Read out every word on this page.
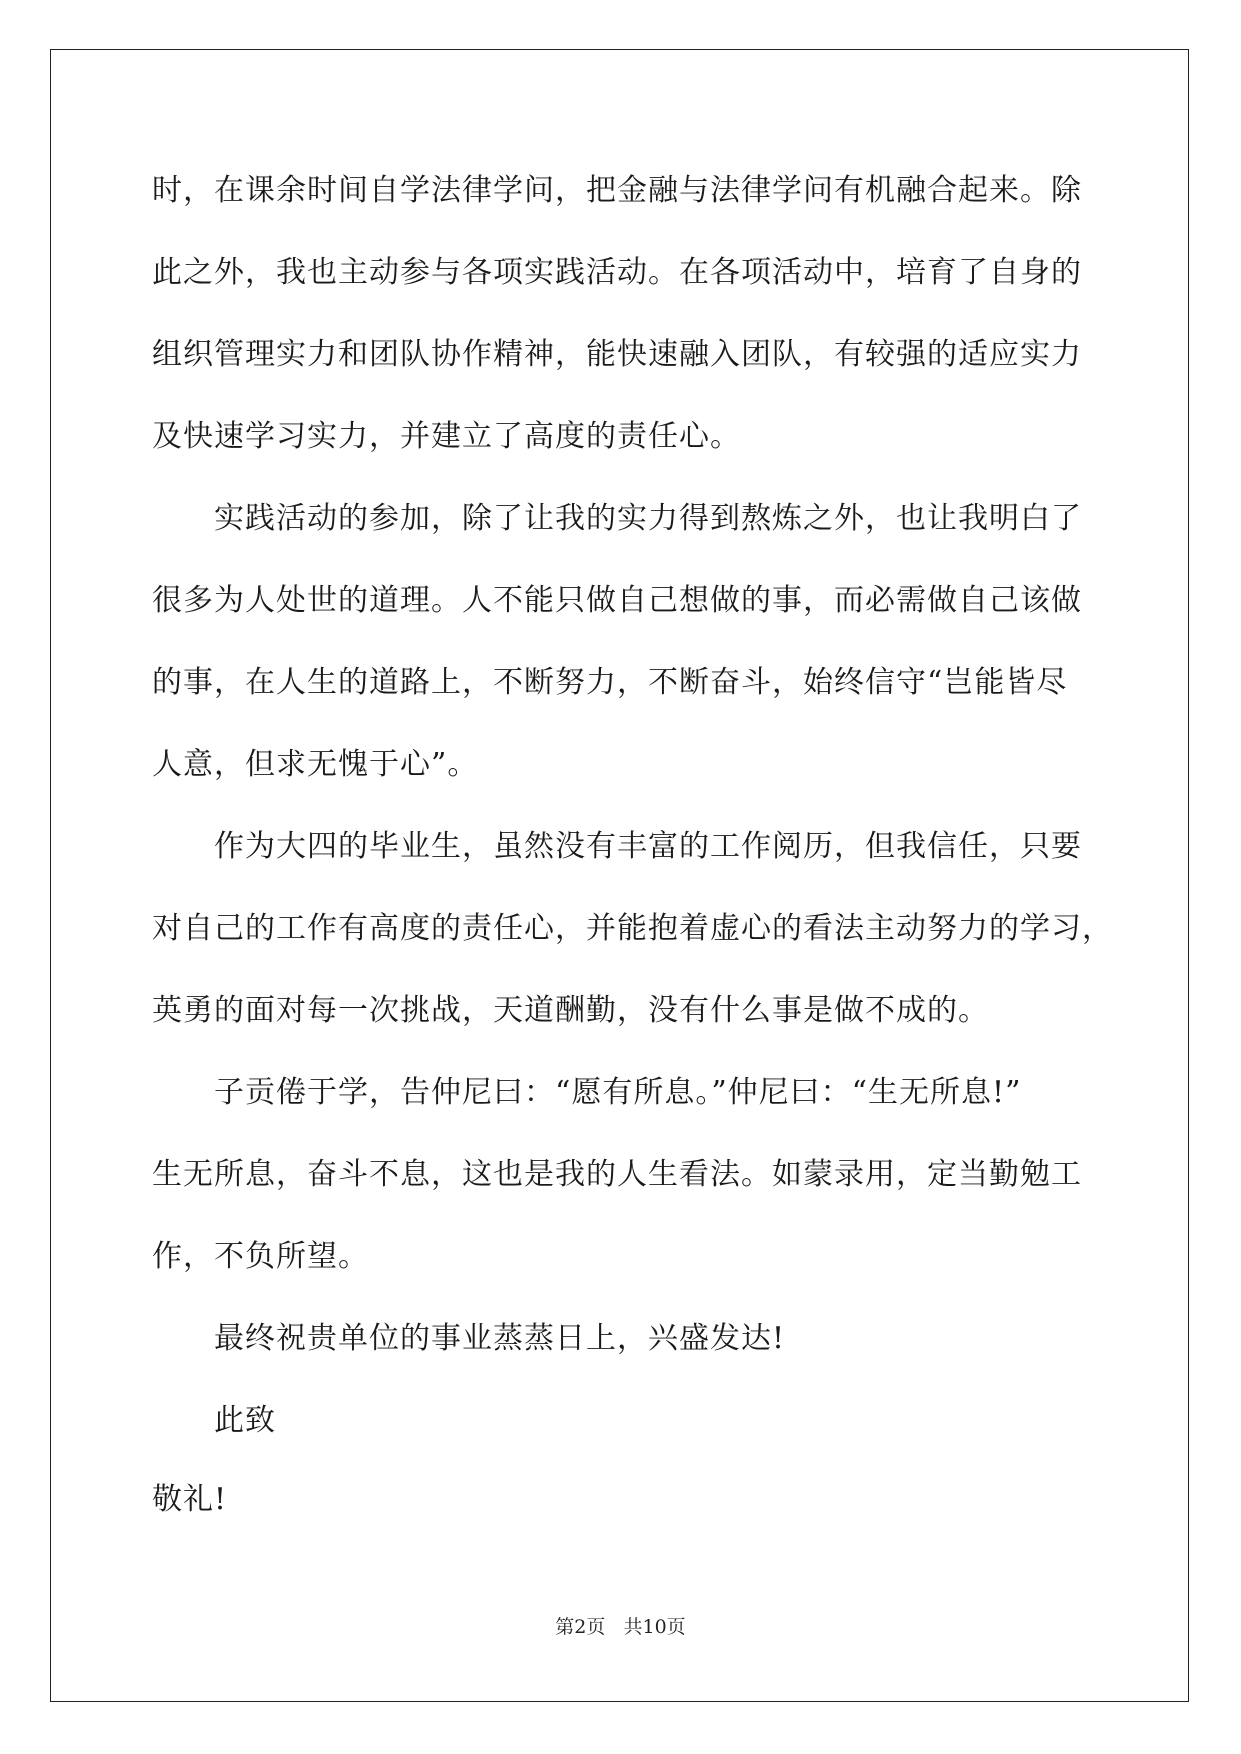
时，在课余时间自学法律学问，把金融与法律学问有机融合起来。除
此之外，我也主动参与各项实践活动。在各项活动中，培育了自身的
组织管理实力和团队协作精神，能快速融入团队，有较强的适应实力
及快速学习实力，并建立了高度的责任心。
实践活动的参加，除了让我的实力得到熬炼之外，也让我明白了
很多为人处世的道理。人不能只做自己想做的事，而必需做自己该做
的事，在人生的道路上，不断努力，不断奋斗，始终信守“岂能皆尽
人意，但求无愧于心”。
作为大四的毕业生，虽然没有丰富的工作阅历，但我信任，只要
对自己的工作有高度的责任心，并能抱着虚心的看法主动努力的学习，
英勇的面对每一次挑战，天道酬勤，没有什么事是做不成的。
子贡倦于学，告仲尼曰：“愿有所息。”仲尼曰：“生无所息!”
生无所息，奋斗不息，这也是我的人生看法。如蒙录用，定当勤勉工
作，不负所望。
最终祝贵单位的事业蒸蒸日上，兴盛发达!
此致
敬礼!
第2页   共10页
